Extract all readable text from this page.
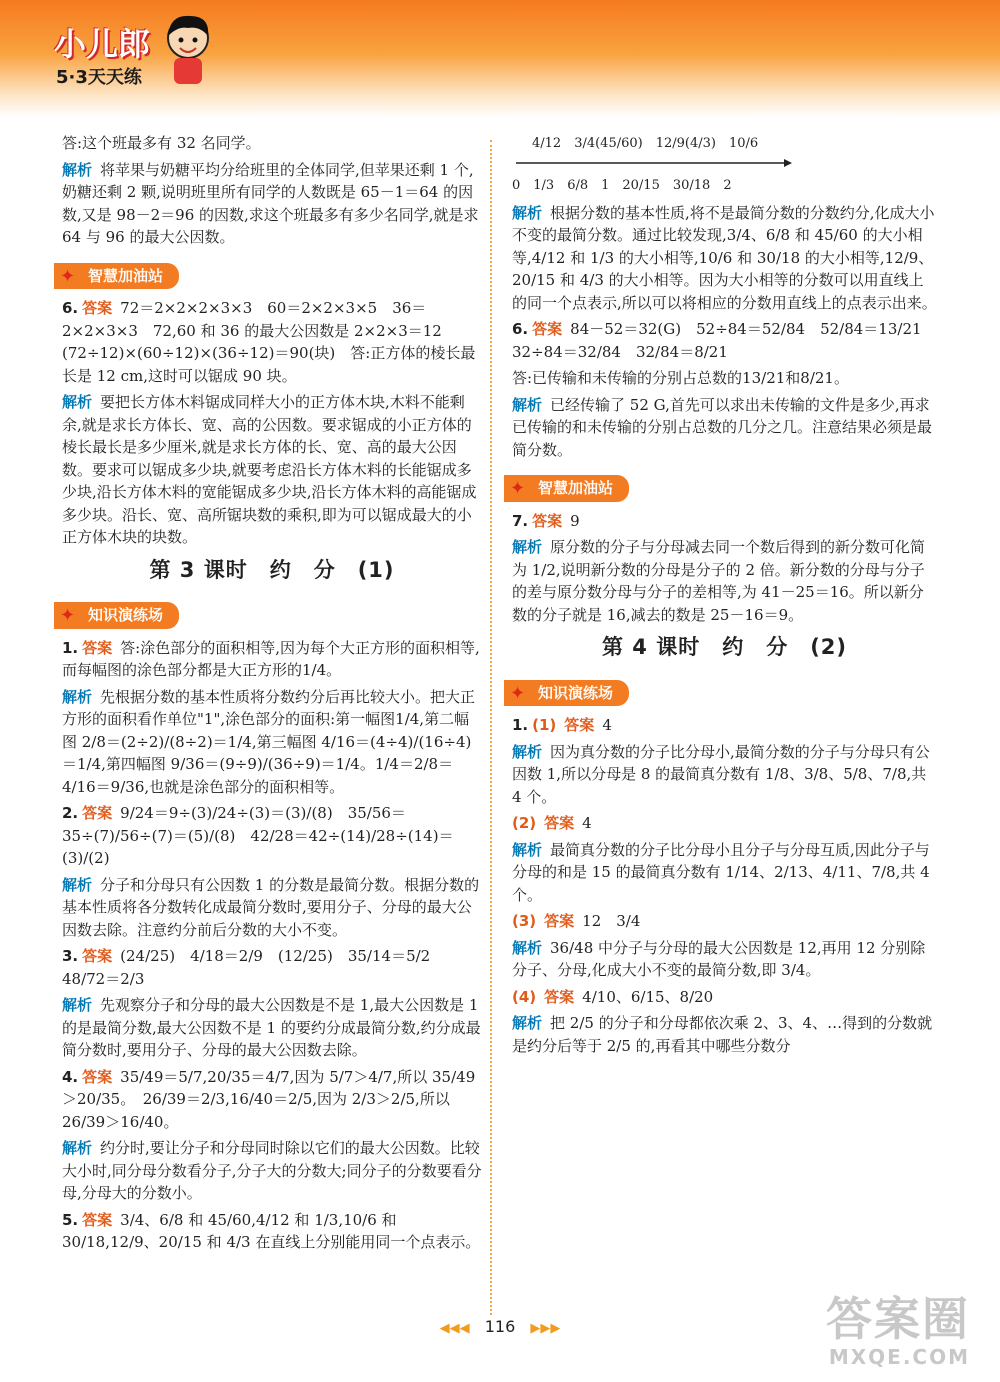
小儿郎
5·3天天练

答:这个班最多有 32 名同学。

解析 将苹果与奶糖平均分给班里的全体同学,但苹果还剩 1 个,奶糖还剩 2 颗,说明班里所有同学的人数既是 65－1＝64 的因数,又是 98－2＝96 的因数,求这个班最多有多少名同学,就是求 64 与 96 的最大公因数。

✦ 智慧加油站

6. 答案 72＝2×2×2×3×3　60＝2×2×3×5　36＝2×2×3×3　72,60 和 36 的最大公因数是 2×2×3＝12　(72÷12)×(60÷12)×(36÷12)＝90(块)　答:正方体的棱长最长是 12 cm,这时可以锯成 90 块。

解析 要把长方体木料锯成同样大小的正方体木块,木料不能剩余,就是求长方体长、宽、高的公因数。要求锯成的小正方体的棱长最长是多少厘米,就是求长方体的长、宽、高的最大公因数。要求可以锯成多少块,就要考虑沿长方体木料的长能锯成多少块,沿长方体木料的宽能锯成多少块,沿长方体木料的高能锯成多少块。沿长、宽、高所锯块数的乘积,即为可以锯成最大的小正方体木块的块数。

第 3 课时　约　分　(1)
✦ 知识演练场

1. 答案 答:涂色部分的面积相等,因为每个大正方形的面积相等,而每幅图的涂色部分都是大正方形的1/4。

解析 先根据分数的基本性质将分数约分后再比较大小。把大正方形的面积看作单位"1",涂色部分的面积:第一幅图1/4,第二幅图 2/8＝(2÷2)/(8÷2)＝1/4,第三幅图 4/16＝(4÷4)/(16÷4)＝1/4,第四幅图 9/36＝(9÷9)/(36÷9)＝1/4。1/4＝2/8＝4/16＝9/36,也就是涂色部分的面积相等。

2. 答案 9/24＝9÷(3)/24÷(3)＝(3)/(8)　35/56＝35÷(7)/56÷(7)＝(5)/(8)　42/28＝42÷(14)/28÷(14)＝(3)/(2)

解析 分子和分母只有公因数 1 的分数是最简分数。根据分数的基本性质将各分数转化成最简分数时,要用分子、分母的最大公因数去除。注意约分前后分数的大小不变。

3. 答案 (24/25)　4/18＝2/9　(12/25)　35/14＝5/2　48/72＝2/3

解析 先观察分子和分母的最大公因数是不是 1,最大公因数是 1 的是最简分数,最大公因数不是 1 的要约分成最简分数,约分成最简分数时,要用分子、分母的最大公因数去除。

4. 答案 35/49＝5/7,20/35＝4/7,因为 5/7＞4/7,所以 35/49＞20/35。　26/39＝2/3,16/40＝2/5,因为 2/3＞2/5,所以 26/39＞16/40。

解析 约分时,要让分子和分母同时除以它们的最大公因数。比较大小时,同分母分数看分子,分子大的分数大;同分子的分数要看分母,分母大的分数小。

5. 答案 3/4、6/8 和 45/60,4/12 和 1/3,10/6 和 30/18,12/9、20/15 和 4/3 在直线上分别能用同一个点表示。

4/12　3/4(45/60)　12/9(4/3)　10/6
0　1/3　6/8　1　20/15　30/18　2

解析 根据分数的基本性质,将不是最简分数的分数约分,化成大小不变的最简分数。通过比较发现,3/4、6/8 和 45/60 的大小相等,4/12 和 1/3 的大小相等,10/6 和 30/18 的大小相等,12/9、20/15 和 4/3 的大小相等。因为大小相等的分数可以用直线上的同一个点表示,所以可以将相应的分数用直线上的点表示出来。

6. 答案 84－52＝32(G)　52÷84＝52/84　52/84＝13/21　32÷84＝32/84　32/84＝8/21

答:已传输和未传输的分别占总数的13/21和8/21。

解析 已经传输了 52 G,首先可以求出未传输的文件是多少,再求已传输的和未传输的分别占总数的几分之几。注意结果必须是最简分数。

✦ 智慧加油站

7. 答案 9

解析 原分数的分子与分母减去同一个数后得到的新分数可化简为 1/2,说明新分数的分母是分子的 2 倍。新分数的分母与分子的差与原分数分母与分子的差相等,为 41－25＝16。所以新分数的分子就是 16,减去的数是 25－16＝9。

第 4 课时　约　分　(2)
✦ 知识演练场

1. (1) 答案 4

解析 因为真分数的分子比分母小,最简分数的分子与分母只有公因数 1,所以分母是 8 的最简真分数有 1/8、3/8、5/8、7/8,共 4 个。

(2) 答案 4

解析 最简真分数的分子比分母小且分子与分母互质,因此分子与分母的和是 15 的最简真分数有 1/14、2/13、4/11、7/8,共 4 个。

(3) 答案 12　3/4

解析 36/48 中分子与分母的最大公因数是 12,再用 12 分别除分子、分母,化成大小不变的最简分数,即 3/4。

(4) 答案 4/10、6/15、8/20

解析 把 2/5 的分子和分母都依次乘 2、3、4、…得到的分数就是约分后等于 2/5 的,再看其中哪些分数分

◀◀◀ 116 ▶▶▶	答案圈
MXQE.COM
